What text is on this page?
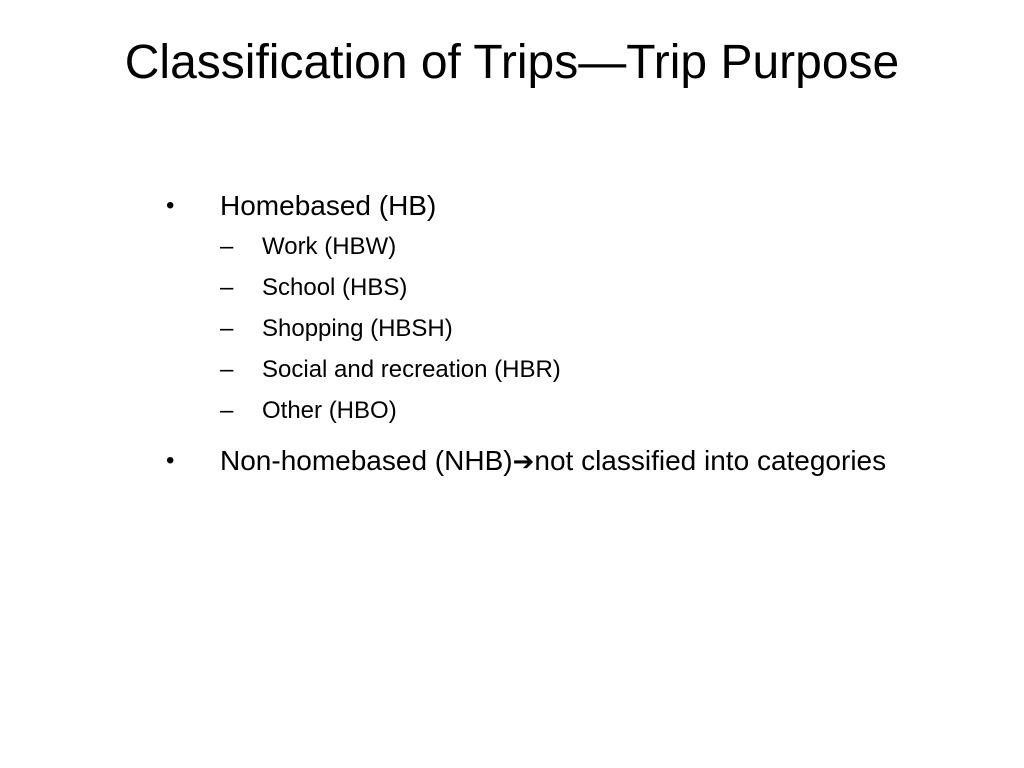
Classification of Trips—Trip Purpose
• Homebased (HB)
– Work (HBW)
– School (HBS)
– Shopping (HBSH)
– Social and recreation (HBR)
– Other (HBO)
• Non-homebased (NHB)➔not classified into categories
